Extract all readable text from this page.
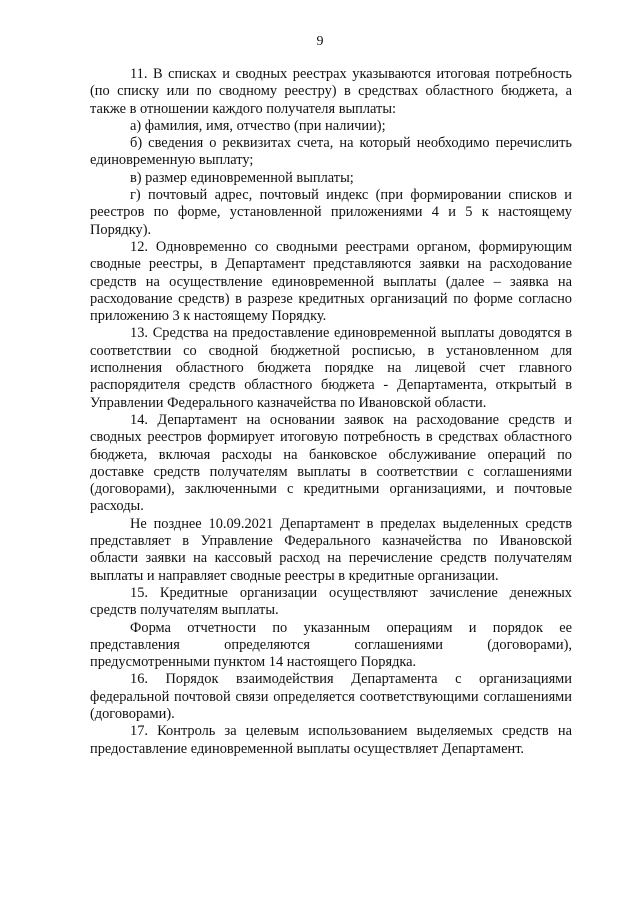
9

11. В списках и сводных реестрах указываются итоговая потребность (по списку или по сводному реестру) в средствах областного бюджета, а также в отношении каждого получателя выплаты:

а) фамилия, имя, отчество (при наличии);

б) сведения о реквизитах счета, на который необходимо перечислить единовременную выплату;

в) размер единовременной выплаты;

г) почтовый адрес, почтовый индекс (при формировании списков и реестров по форме, установленной приложениями 4 и 5 к настоящему Порядку).

12. Одновременно со сводными реестрами органом, формирующим сводные реестры, в Департамент представляются заявки на расходование средств на осуществление единовременной выплаты (далее – заявка на расходование средств) в разрезе кредитных организаций по форме согласно приложению 3 к настоящему Порядку.

13. Средства на предоставление единовременной выплаты доводятся в соответствии со сводной бюджетной росписью, в установленном для исполнения областного бюджета порядке на лицевой счет главного распорядителя средств областного бюджета - Департамента, открытый в Управлении Федерального казначейства по Ивановской области.

14. Департамент на основании заявок на расходование средств и сводных реестров формирует итоговую потребность в средствах областного бюджета, включая расходы на банковское обслуживание операций по доставке средств получателям выплаты в соответствии с соглашениями (договорами), заключенными с кредитными организациями, и почтовые расходы.

Не позднее 10.09.2021 Департамент в пределах выделенных средств представляет в Управление Федерального казначейства по Ивановской области заявки на кассовый расход на перечисление средств получателям выплаты и направляет сводные реестры в кредитные организации.

15. Кредитные организации осуществляют зачисление денежных средств получателям выплаты.

Форма отчетности по указанным операциям и порядок ее представления определяются соглашениями (договорами), предусмотренными пунктом 14 настоящего Порядка.

16. Порядок взаимодействия Департамента с организациями федеральной почтовой связи определяется соответствующими соглашениями (договорами).

17. Контроль за целевым использованием выделяемых средств на предоставление единовременной выплаты осуществляет Департамент.
